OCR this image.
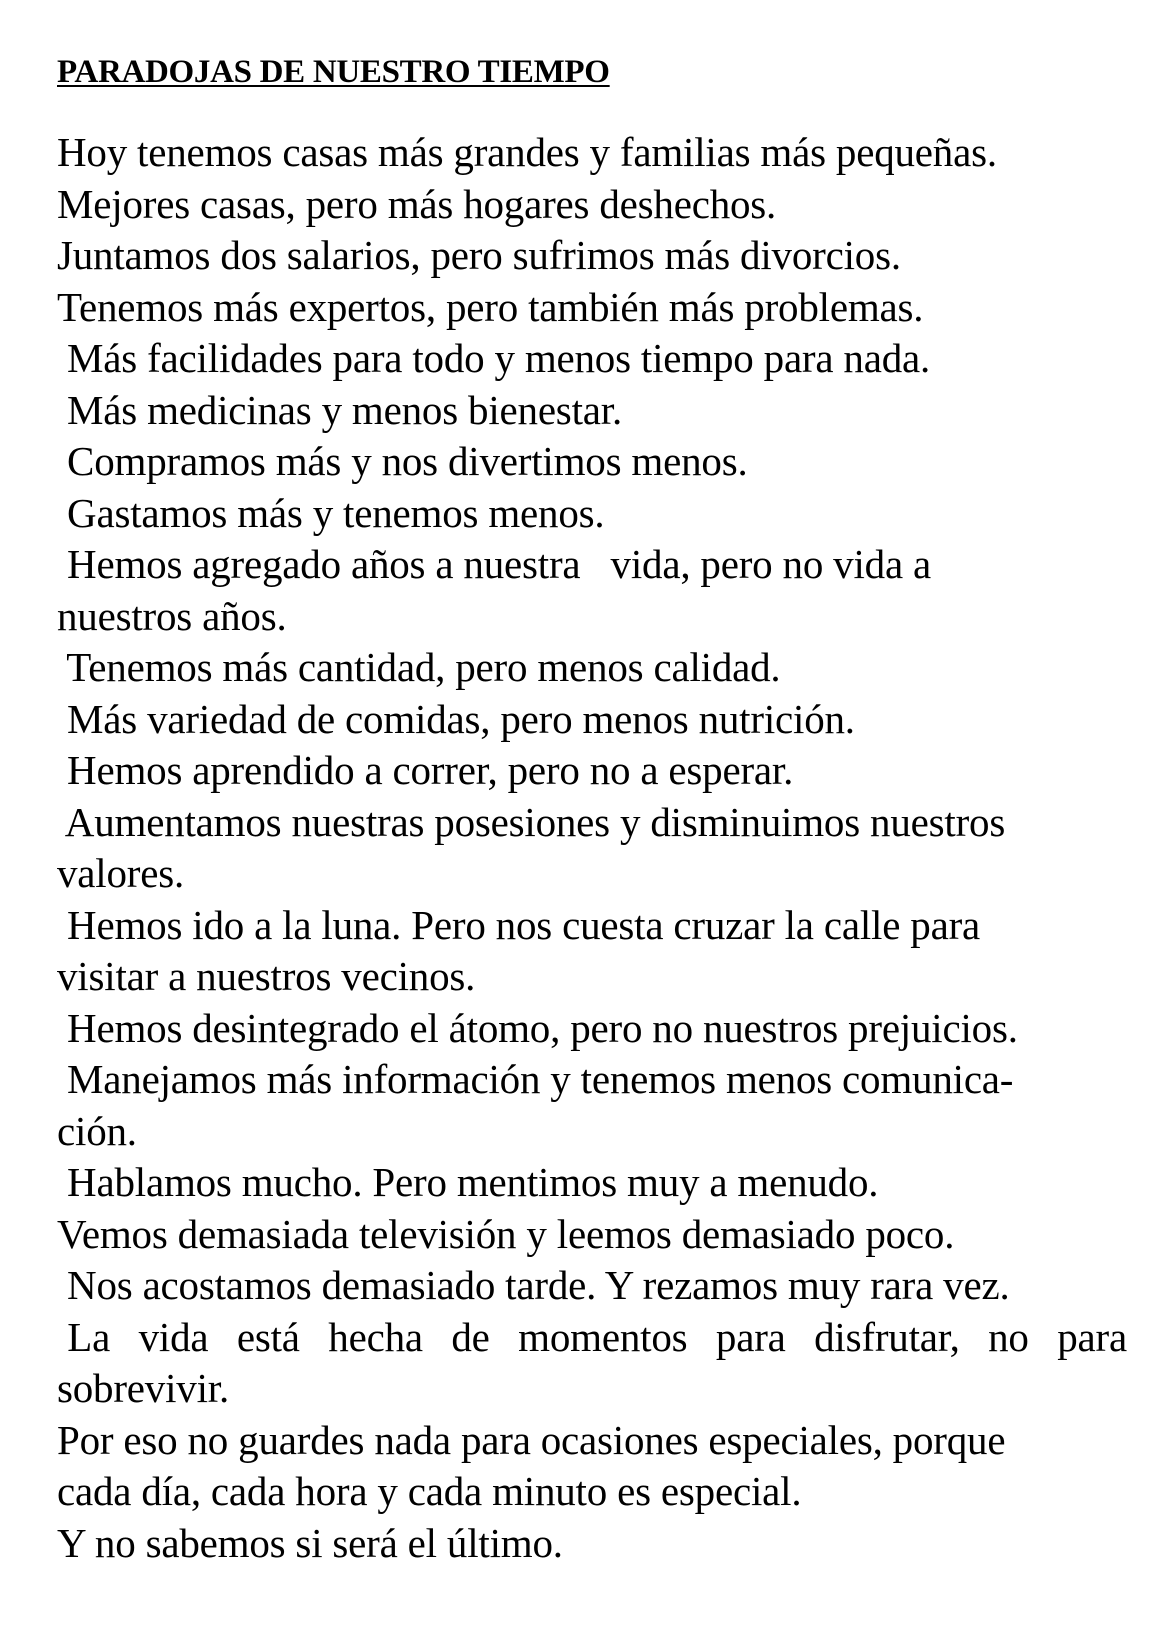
PARADOJAS DE NUESTRO TIEMPO
Hoy tenemos casas más grandes y familias más pequeñas.
Mejores casas, pero más hogares deshechos.
Juntamos dos salarios, pero sufrimos más divorcios.
Tenemos más expertos, pero también más problemas.
Más facilidades para todo y menos tiempo para nada.
Más medicinas y menos bienestar.
Compramos más y nos divertimos menos.
Gastamos más y tenemos menos.
Hemos agregado años a nuestra   vida, pero no vida a
nuestros años.
Tenemos más cantidad, pero menos calidad.
Más variedad de comidas, pero menos nutrición.
Hemos aprendido a correr, pero no a esperar.
Aumentamos nuestras posesiones y disminuimos nuestros
valores.
Hemos ido a la luna. Pero nos cuesta cruzar la calle para
visitar a nuestros vecinos.
Hemos desintegrado el átomo, pero no nuestros prejuicios.
Manejamos más información y tenemos menos comunica-
ción.
Hablamos mucho. Pero mentimos muy a menudo.
Vemos demasiada televisión y leemos demasiado poco.
Nos acostamos demasiado tarde. Y rezamos muy rara vez.
La vida está hecha de momentos para disfrutar, no para
sobrevivir.
Por eso no guardes nada para ocasiones especiales, porque
cada día, cada hora y cada minuto es especial.
Y no sabemos si será el último.
